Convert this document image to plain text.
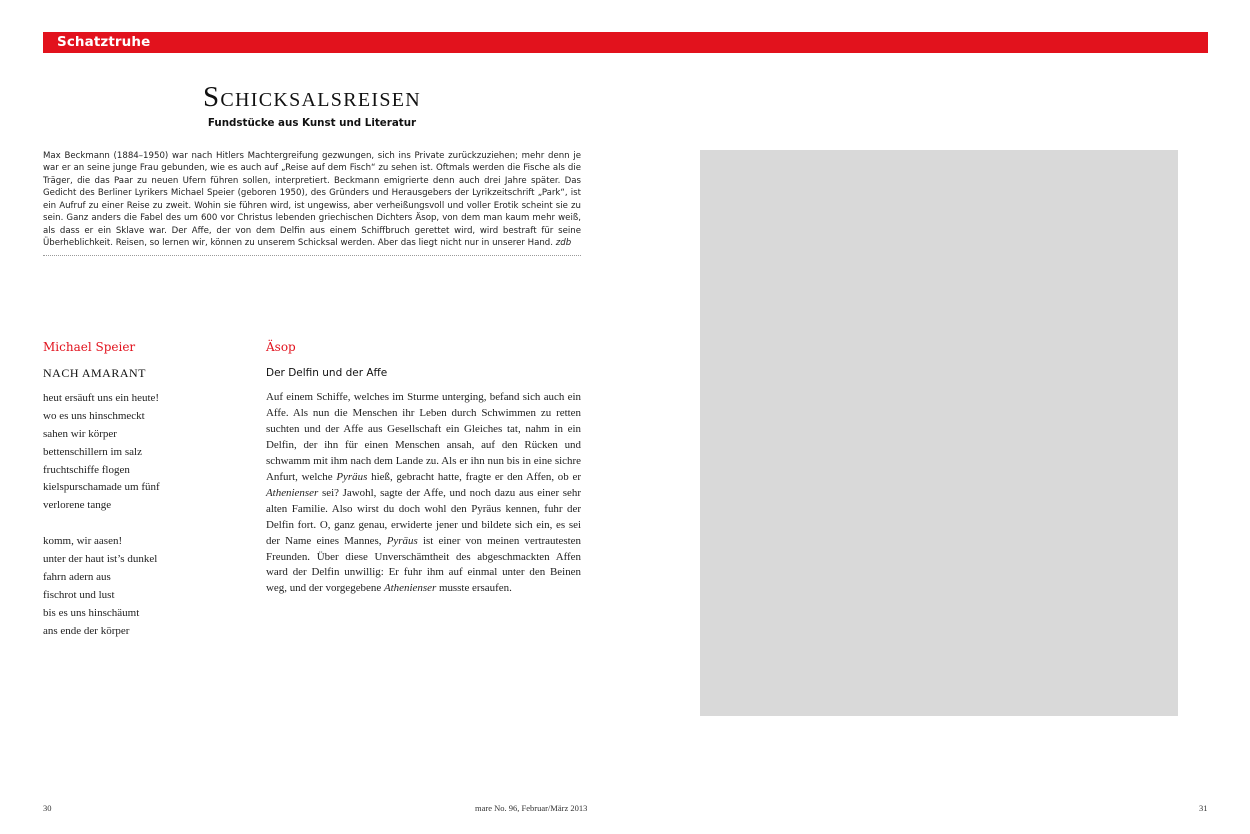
Schatztruhe
Schicksalsreisen
Fundstücke aus Kunst und Literatur

Max Beckmann (1884–1950) war nach Hitlers Machtergreifung gezwungen, sich ins Private zurückzuziehen; mehr denn je war er an seine junge Frau gebunden, wie es auch auf „Reise auf dem Fisch“ zu sehen ist. Oftmals werden die Fische als die Träger, die das Paar zu neuen Ufern führen sollen, interpretiert. Beckmann emigrierte denn auch drei Jahre später. Das Gedicht des Berliner Lyrikers Michael Speier (geboren 1950), des Gründers und Herausgebers der Lyrikzeitschrift „Park“, ist ein Aufruf zu einer Reise zu zweit. Wohin sie führen wird, ist ungewiss, aber verheißungsvoll und voller Erotik scheint sie zu sein. Ganz anders die Fabel des um 600 vor Christus lebenden griechischen Dichters Äsop, von dem man kaum mehr weiß, als dass er ein Sklave war. Der Affe, der von dem Delfin aus einem Schiffbruch gerettet wird, wird bestraft für seine Überheblichkeit. Reisen, so lernen wir, können zu unserem Schicksal werden. Aber das liegt nicht nur in unserer Hand. zdb

Michael Speier
NACH AMARANT
heut ersäuft uns ein heute!
wo es uns hinschmeckt
sahen wir körper
bettenschillern im salz
fruchtschiffe flogen
kielspurschamade um fünf
verlorene tange
komm, wir aasen!
unter der haut ist’s dunkel
fahrn adern aus
fischrot und lust
bis es uns hinschäumt
ans ende der körper
Äsop
Der Delfin und der Affe

Auf einem Schiffe, welches im Sturme unterging, befand sich auch ein Affe. Als nun die Menschen ihr Leben durch Schwimmen zu retten suchten und der Affe aus Gesellschaft ein Gleiches tat, nahm in ein Delfin, der ihn für einen Menschen ansah, auf den Rücken und schwamm mit ihm nach dem Lande zu. Als er ihn nun bis in eine sichre Anfurt, welche Pyräus hieß, gebracht hatte, fragte er den Affen, ob er Athenienser sei? Jawohl, sagte der Affe, und noch dazu aus einer sehr alten Familie. Also wirst du doch wohl den Pyräus kennen, fuhr der Delfin fort. O, ganz genau, erwiderte jener und bildete sich ein, es sei der Name eines Mannes, Pyräus ist einer von meinen vertrautesten Freunden. Über diese Unverschämtheit des abgeschmackten Affen ward der Delfin unwillig: Er fuhr ihm auf einmal unter den Beinen weg, und der vorgegebene Athenienser musste ersaufen.

30	mare No. 96, Februar/März 2013	31
